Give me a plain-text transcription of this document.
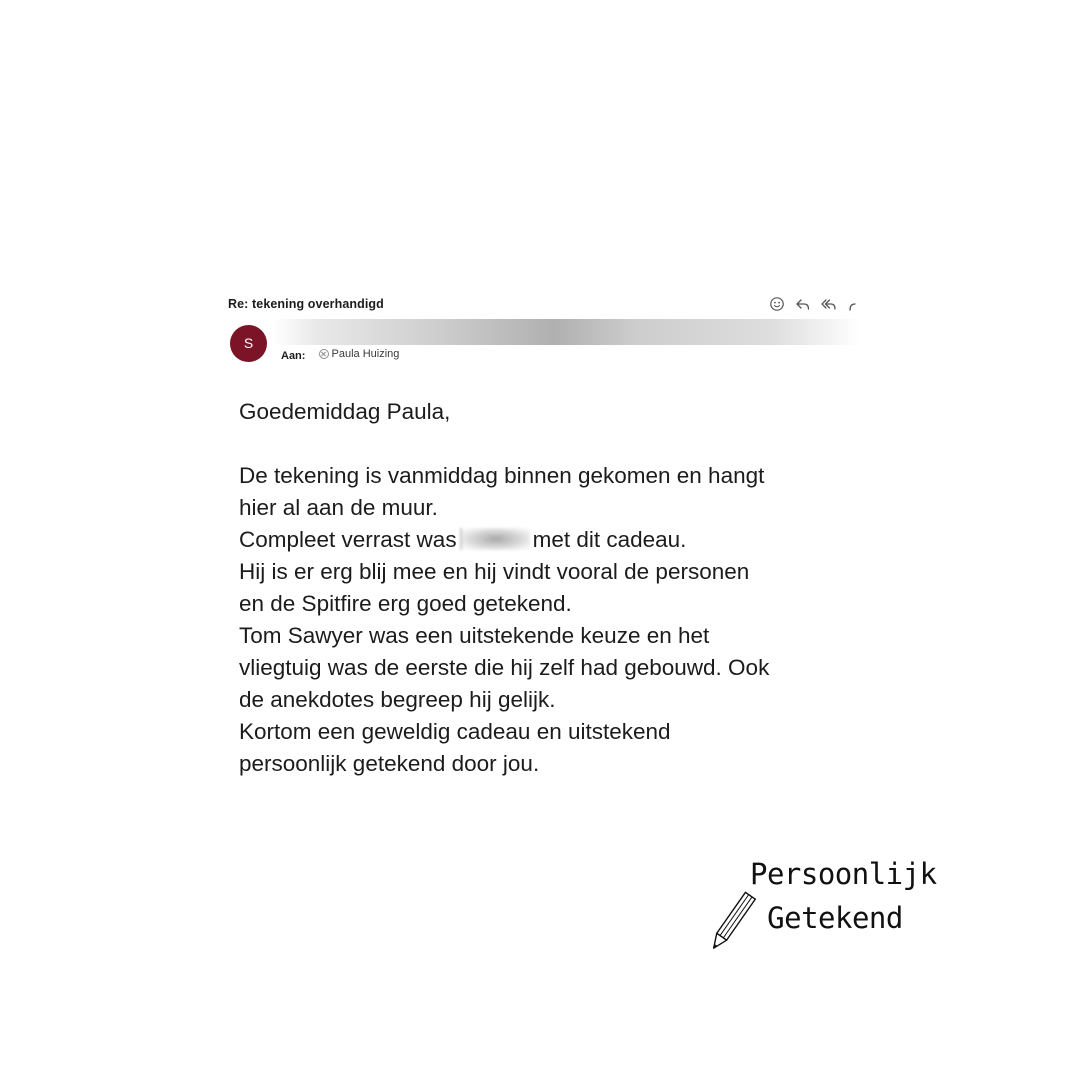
Re: tekening overhandigd
S
Aan: Paula Huizing

Goedemiddag Paula,

De tekening is vanmiddag binnen gekomen en hangt

hier al aan de muur.

Compleet verrast was	met dit cadeau.

Hij is er erg blij mee en hij vindt vooral de personen

en de Spitfire erg goed getekend.

Tom Sawyer was een uitstekende keuze en het

vliegtuig was de eerste die hij zelf had gebouwd. Ook

de anekdotes begreep hij gelijk.

Kortom een geweldig cadeau en uitstekend

persoonlijk getekend door jou.

Persoonlijk
Getekend
